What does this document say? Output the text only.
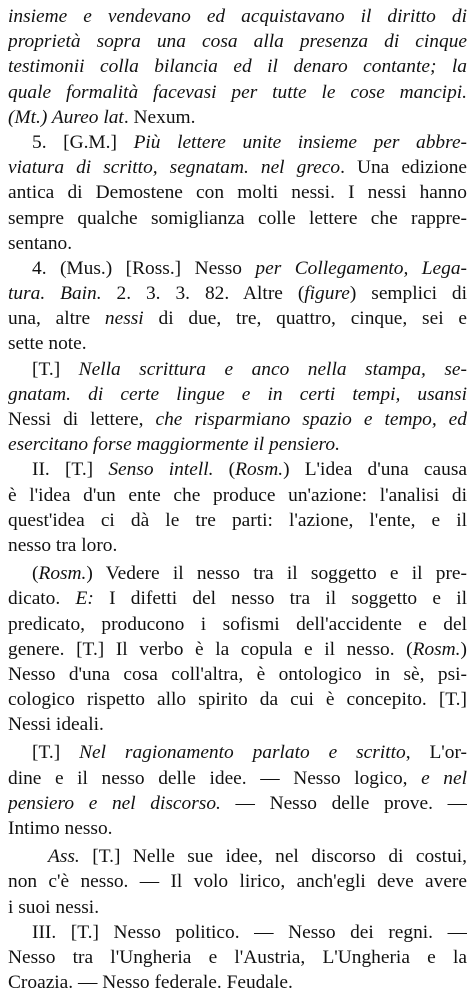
insieme e vendevano ed acquistavano il diritto di
proprietà sopra una cosa alla presenza di cinque
testimonii colla bilancia ed il denaro contante; la
quale formalità facevasi per tutte le cose mancipi.
(Mt.) Aureo lat. Nexum.
5. [G.M.] Più lettere unite insieme per abbre-
viatura di scritto, segnatam. nel greco. Una edizione
antica di Demostene con molti nessi. I nessi hanno
sempre qualche somiglianza colle lettere che rappre-
sentano.
4. (Mus.) [Ross.] Nesso per Collegamento, Lega-
tura. Bain. 2. 3. 3. 82. Altre (figure) semplici di
una, altre nessi di due, tre, quattro, cinque, sei e
sette note.
[T.] Nella scrittura e anco nella stampa, se-
gnatam. di certe lingue e in certi tempi, usansi
Nessi di lettere, che risparmiano spazio e tempo, ed
esercitano forse maggiormente il pensiero.
II. [T.] Senso intell. (Rosm.) L'idea d'una causa
è l'idea d'un ente che produce un'azione: l'analisi di
quest'idea ci dà le tre parti: l'azione, l'ente, e il
nesso tra loro.
(Rosm.) Vedere il nesso tra il soggetto e il pre-
dicato. E: I difetti del nesso tra il soggetto e il
predicato, producono i sofismi dell'accidente e del
genere. [T.] Il verbo è la copula e il nesso. (Rosm.)
Nesso d'una cosa coll'altra, è ontologico in sè, psi-
cologico rispetto allo spirito da cui è concepito. [T.]
Nessi ideali.
[T.] Nel ragionamento parlato e scritto, L'or-
dine e il nesso delle idee. — Nesso logico, e nel
pensiero e nel discorso. — Nesso delle prove. —
Intimo nesso.
Ass. [T.] Nelle sue idee, nel discorso di costui,
non c'è nesso. — Il volo lirico, anch'egli deve avere
i suoi nessi.
III. [T.] Nesso politico. — Nesso dei regni. —
Nesso tra l'Ungheria e l'Austria, L'Ungheria e la
Croazia. — Nesso federale. Feudale.
